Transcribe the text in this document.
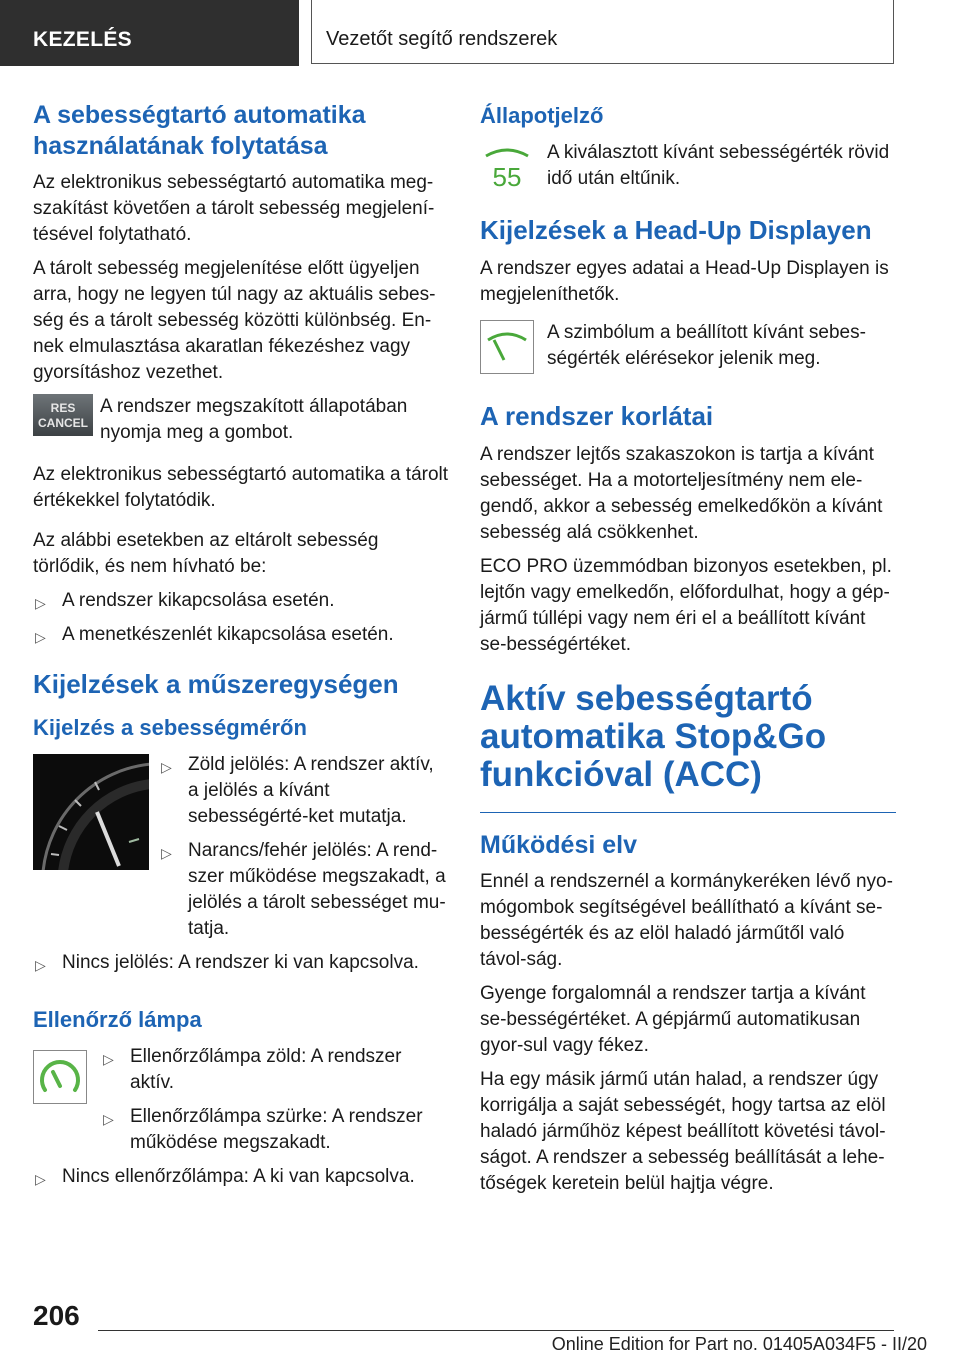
KEZELÉS	Vezetőt segítő rendszerek
A sebességtartó automatika használatának folytatása

Az elektronikus sebességtartó automatika meg-szakítást követően a tárolt sebesség megjelení-tésével folytatható.

A tárolt sebesség megjelenítése előtt ügyeljen arra, hogy ne legyen túl nagy az aktuális sebes-ség és a tárolt sebesség közötti különbség. En-nek elmulasztása akaratlan fékezéshez vagy gyorsításhoz vezethet.

RES
CANCEL

A rendszer megszakított állapotában nyomja meg a gombot.

Az elektronikus sebességtartó automatika a tárolt értékekkel folytatódik.

Az alábbi esetekben az eltárolt sebesség törlődik, és nem hívható be:

▷ A rendszer kikapcsolása esetén.
▷ A menetkészenlét kikapcsolása esetén.
Kijelzések a műszeregységen
Kijelzés a sebességmérőn
▷ Zöld jelölés: A rendszer aktív, a jelölés a kívánt sebességérté-ket mutatja.
▷ Narancs/fehér jelölés: A rend-szer működése megszakadt, a jelölés a tárolt sebességet mu-tatja.
▷ Nincs jelölés: A rendszer ki van kapcsolva.
Ellenőrző lámpa
▷ Ellenőrzőlámpa zöld: A rendszer aktív.
▷ Ellenőrzőlámpa szürke: A rendszer működése megszakadt.
▷ Nincs ellenőrzőlámpa: A ki van kapcsolva.
Állapotjelző
55

A kiválasztott kívánt sebességérték rövid idő után eltűnik.

Kijelzések a Head-Up Displayen

A rendszer egyes adatai a Head-Up Displayen is megjeleníthetők.

A szimbólum a beállított kívánt sebes-ségérték elérésekor jelenik meg.

A rendszer korlátai

A rendszer lejtős szakaszokon is tartja a kívánt sebességet. Ha a motorteljesítmény nem ele-gendő, akkor a sebesség emelkedőkön a kívánt sebesség alá csökkenhet.

ECO PRO üzemmódban bizonyos esetekben, pl. lejtőn vagy emelkedőn, előfordulhat, hogy a gép-jármű túllépi vagy nem éri el a beállított kívánt se-bességértéket.

Aktív sebességtartó automatika Stop&Go funkcióval (ACC)
Működési elv

Ennél a rendszernél a kormánykeréken lévő nyo-mógombok segítségével beállítható a kívánt se-bességérték és az elöl haladó járműtől való távol-ság.

Gyenge forgalomnál a rendszer tartja a kívánt se-bességértéket. A gépjármű automatikusan gyor-sul vagy fékez.

Ha egy másik jármű után halad, a rendszer úgy korrigálja a saját sebességét, hogy tartsa az elöl haladó járműhöz képest beállított követési távol-ságot. A rendszer a sebesség beállítását a lehe-tőségek keretein belül hajtja végre.

206
Online Edition for Part no. 01405A034F5 - II/20
